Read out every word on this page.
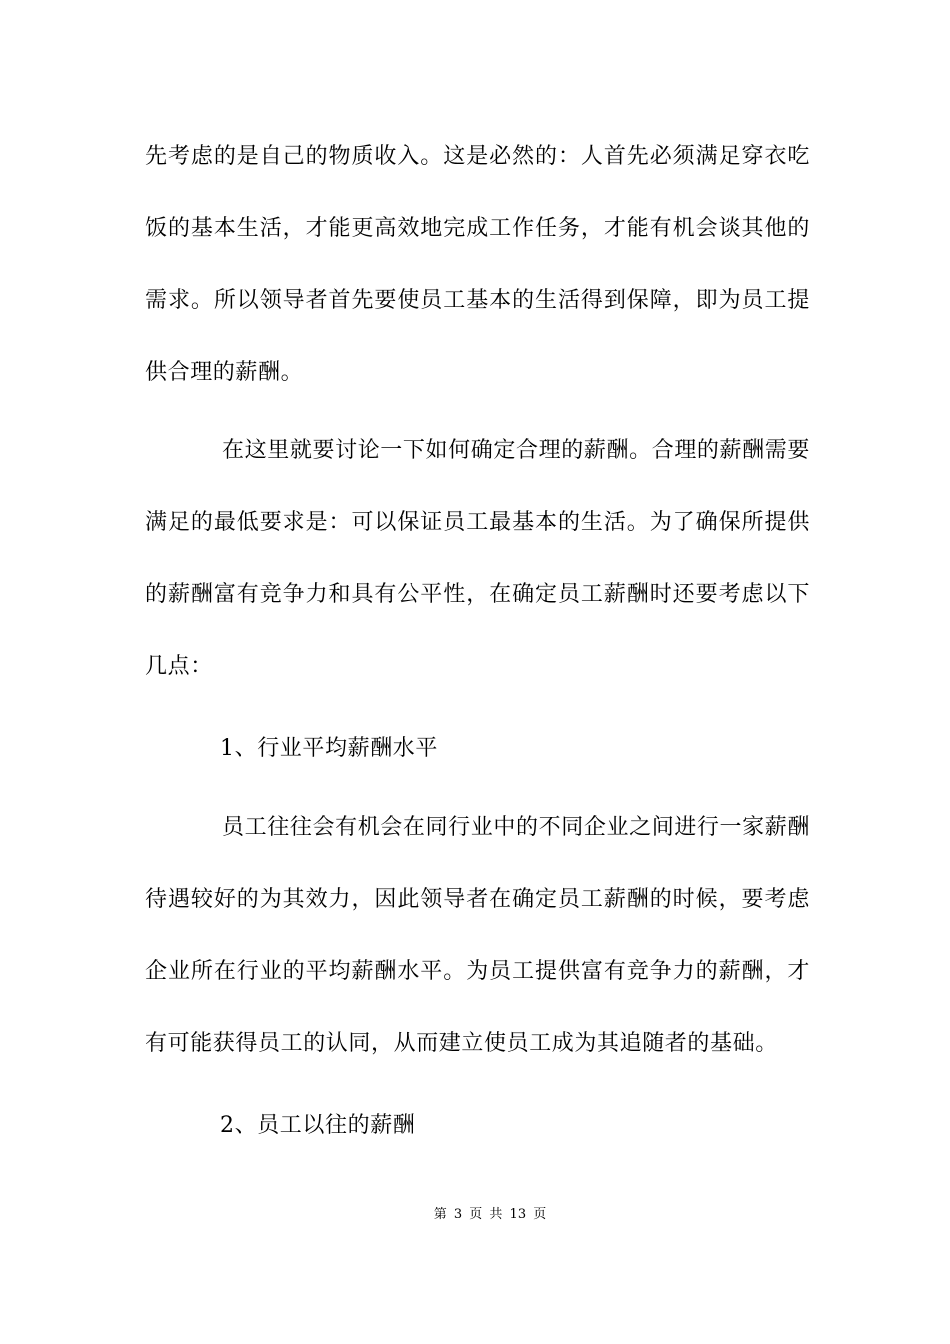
先考虑的是自己的物质收入。这是必然的：人首先必须满足穿衣吃
饭的基本生活，才能更高效地完成工作任务，才能有机会谈其他的
需求。所以领导者首先要使员工基本的生活得到保障，即为员工提
供合理的薪酬。
在这里就要讨论一下如何确定合理的薪酬。合理的薪酬需要
满足的最低要求是：可以保证员工最基本的生活。为了确保所提供
的薪酬富有竞争力和具有公平性，在确定员工薪酬时还要考虑以下
几点：
1、行业平均薪酬水平
员工往往会有机会在同行业中的不同企业之间进行一家薪酬
待遇较好的为其效力，因此领导者在确定员工薪酬的时候，要考虑
企业所在行业的平均薪酬水平。为员工提供富有竞争力的薪酬，才
有可能获得员工的认同，从而建立使员工成为其追随者的基础。
2、员工以往的薪酬
第 3 页 共 13 页
